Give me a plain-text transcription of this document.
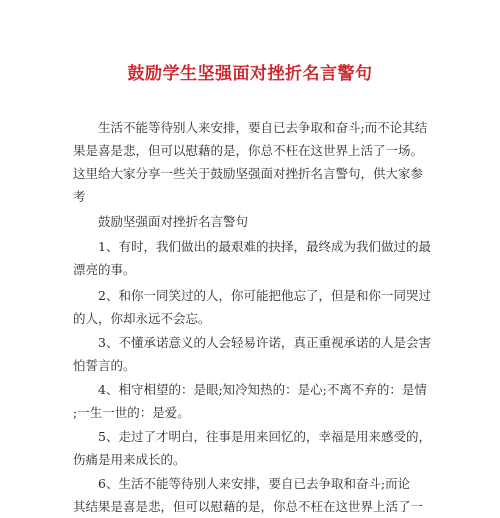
鼓励学生坚强面对挫折名言警句
生活不能等待别人来安排，要自已去争取和奋斗;而不论其结
果是喜是悲，但可以慰藉的是，你总不枉在这世界上活了一场。
这里给大家分享一些关于鼓励坚强面对挫折名言警句，供大家参
考
鼓励坚强面对挫折名言警句
1、有时，我们做出的最艰难的抉择，最终成为我们做过的最
漂亮的事。
2、和你一同笑过的人，你可能把他忘了，但是和你一同哭过
的人，你却永远不会忘。
3、不懂承诺意义的人会轻易许诺，真正重视承诺的人是会害
怕誓言的。
4、相守相望的：是眼;知冷知热的：是心;不离不弃的：是情
;一生一世的：是爱。
5、走过了才明白，往事是用来回忆的，幸福是用来感受的，
伤痛是用来成长的。
6、生活不能等待别人来安排，要自已去争取和奋斗;而论
其结果是喜是悲，但可以慰藉的是，你总不枉在这世界上活了一
